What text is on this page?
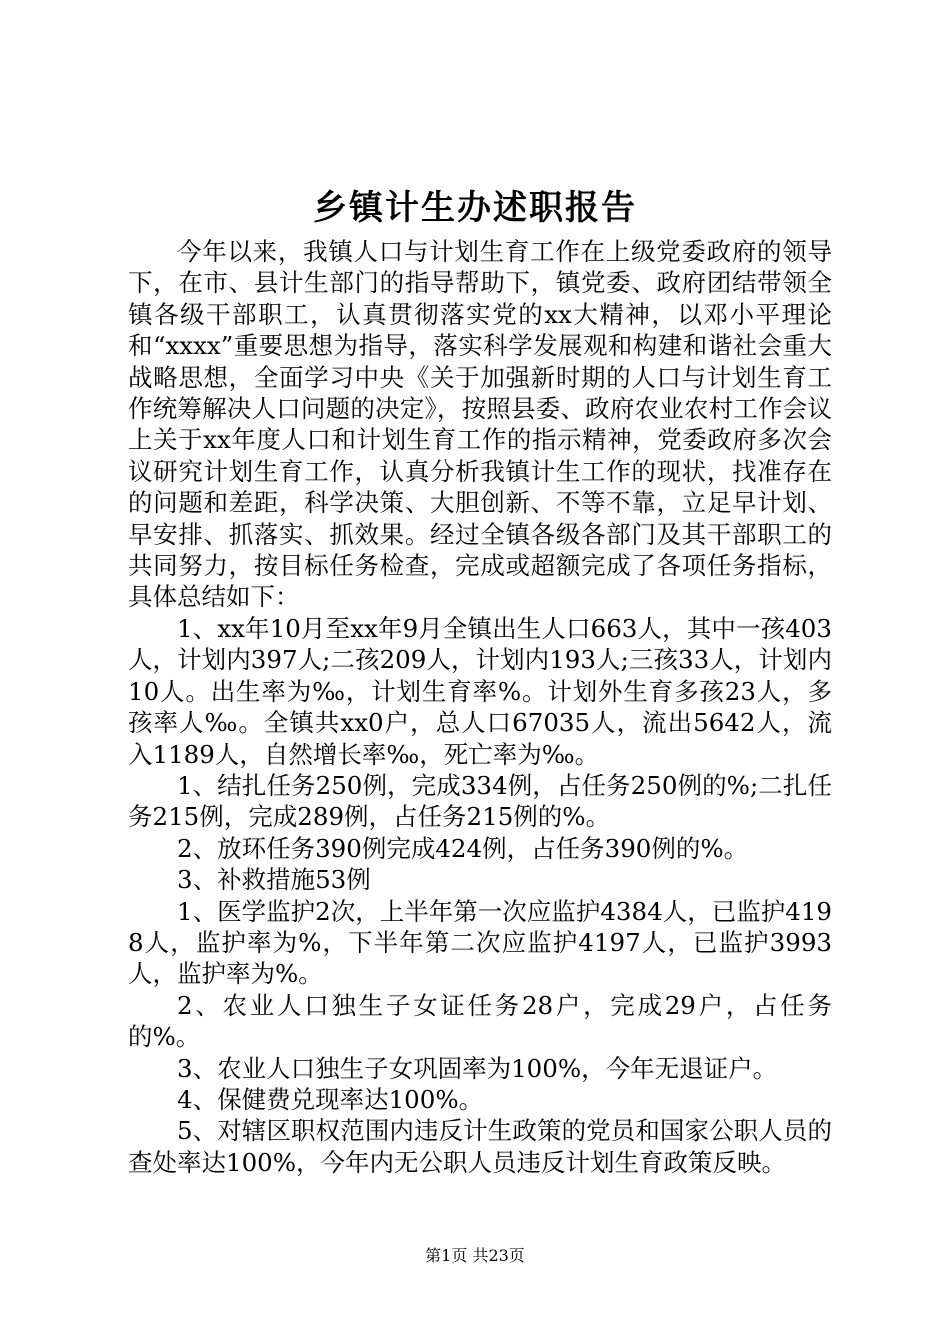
乡镇计生办述职报告

今年以来，我镇人口与计划生育工作在上级党委政府的领导下，在市、县计生部门的指导帮助下，镇党委、政府团结带领全镇各级干部职工，认真贯彻落实党的xx大精神，以邓小平理论和“xxxx”重要思想为指导，落实科学发展观和构建和谐社会重大战略思想，全面学习中央《关于加强新时期的人口与计划生育工作统筹解决人口问题的决定》，按照县委、政府农业农村工作会议上关于xx年度人口和计划生育工作的指示精神，党委政府多次会议研究计划生育工作，认真分析我镇计生工作的现状，找准存在的问题和差距，科学决策、大胆创新、不等不靠，立足早计划、早安排、抓落实、抓效果。经过全镇各级各部门及其干部职工的共同努力，按目标任务检查，完成或超额完成了各项任务指标，具体总结如下：

1、xx年10月至xx年9月全镇出生人口663人，其中一孩403人，计划内397人;二孩209人，计划内193人;三孩33人，计划内10人。出生率为‰，计划生育率%。计划外生育多孩23人，多孩率人‰。全镇共xx0户，总人口67035人，流出5642人，流入1189人，自然增长率‰，死亡率为‰。

1、结扎任务250例，完成334例，占任务250例的%;二扎任务215例，完成289例，占任务215例的%。

2、放环任务390例完成424例，占任务390例的%。

3、补救措施53例

1、医学监护2次，上半年第一次应监护4384人，已监护4198人，监护率为%，下半年第二次应监护4197人，已监护3993人，监护率为%。

2、农业人口独生子女证任务28户，完成29户，占任务的%。

3、农业人口独生子女巩固率为100%，今年无退证户。

4、保健费兑现率达100%。

5、对辖区职权范围内违反计生政策的党员和国家公职人员的查处率达100%，今年内无公职人员违反计划生育政策反映。

第1页 共23页
